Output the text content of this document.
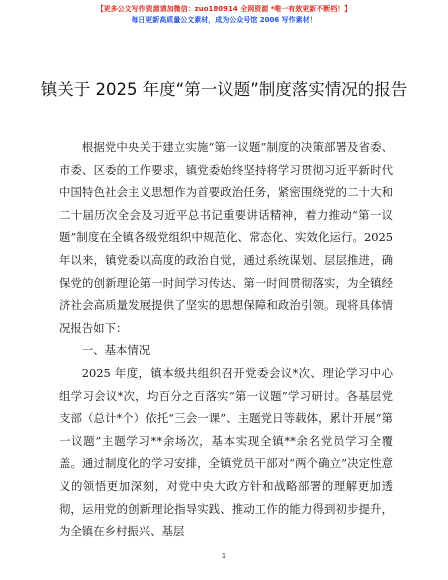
【更多公文写作资源请加微信：zuo180914 全网资源 *唯一有效更新不断档！】
每日更新高质量公文素材，成为公众号馆 2006 写作素材！
镇关于 2025 年度“第一议题”制度落实情况的报告

根据党中央关于建立实施“第一议题”制度的决策部署及省委、市委、区委的工作要求，镇党委始终坚持将学习贯彻习近平新时代中国特色社会主义思想作为首要政治任务，紧密围绕党的二十大和二十届历次全会及习近平总书记重要讲话精神，着力推动“第一议题”制度在全镇各级党组织中规范化、常态化、实效化运行。2025 年以来，镇党委以高度的政治自觉，通过系统谋划、层层推进，确保党的创新理论第一时间学习传达、第一时间贯彻落实，为全镇经济社会高质量发展提供了坚实的思想保障和政治引领。现将具体情况报告如下：

一、基本情况

2025 年度，镇本级共组织召开党委会议*次、理论学习中心组学习会议*次，均百分之百落实“第一议题”学习研讨。各基层党支部（总计*个）依托“三会一课”、主题党日等载体，累计开展“第一议题”主题学习**余场次，基本实现全镇**余名党员学习全覆盖。通过制度化的学习安排，全镇党员干部对“两个确立”决定性意义的领悟更加深刻，对党中央大政方针和战略部署的理解更加透彻，运用党的创新理论指导实践、推动工作的能力得到初步提升，为全镇在乡村振兴、基层

1
